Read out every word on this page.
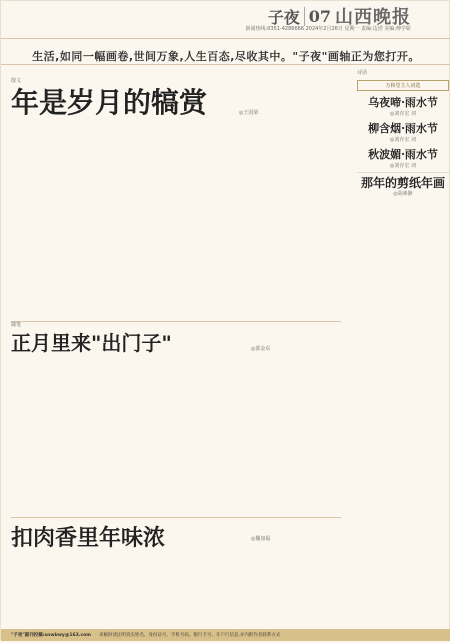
子夜 07 山西晚报
新闻热线:0351-4286666 2024年2月26日 星期一 责编:边滢 美编:傅学娇
生活,如同一幅画卷,世间万象,人生百态,尽收其中。"子夜"画轴正为您打开。
散文
年是岁月的犒赏	◎王国梁

随笔
正月里来"出门子"	◎郭金东

扣肉香里年味浓	◎魏加福

诗话
万和堂主人词选
乌夜啼·雨水节
◎刘存宏 词
柳含烟·雨水节
◎刘存宏 词
秋波媚·雨水节
◎刘存宏 词
那年的剪纸年画
◎胡素静
"子夜"副刊投稿:snwbwy@163.com 来稿时请注明真实姓名、身份证号、手机号码、银行卡号、开户行信息,并内附作者联系方式
